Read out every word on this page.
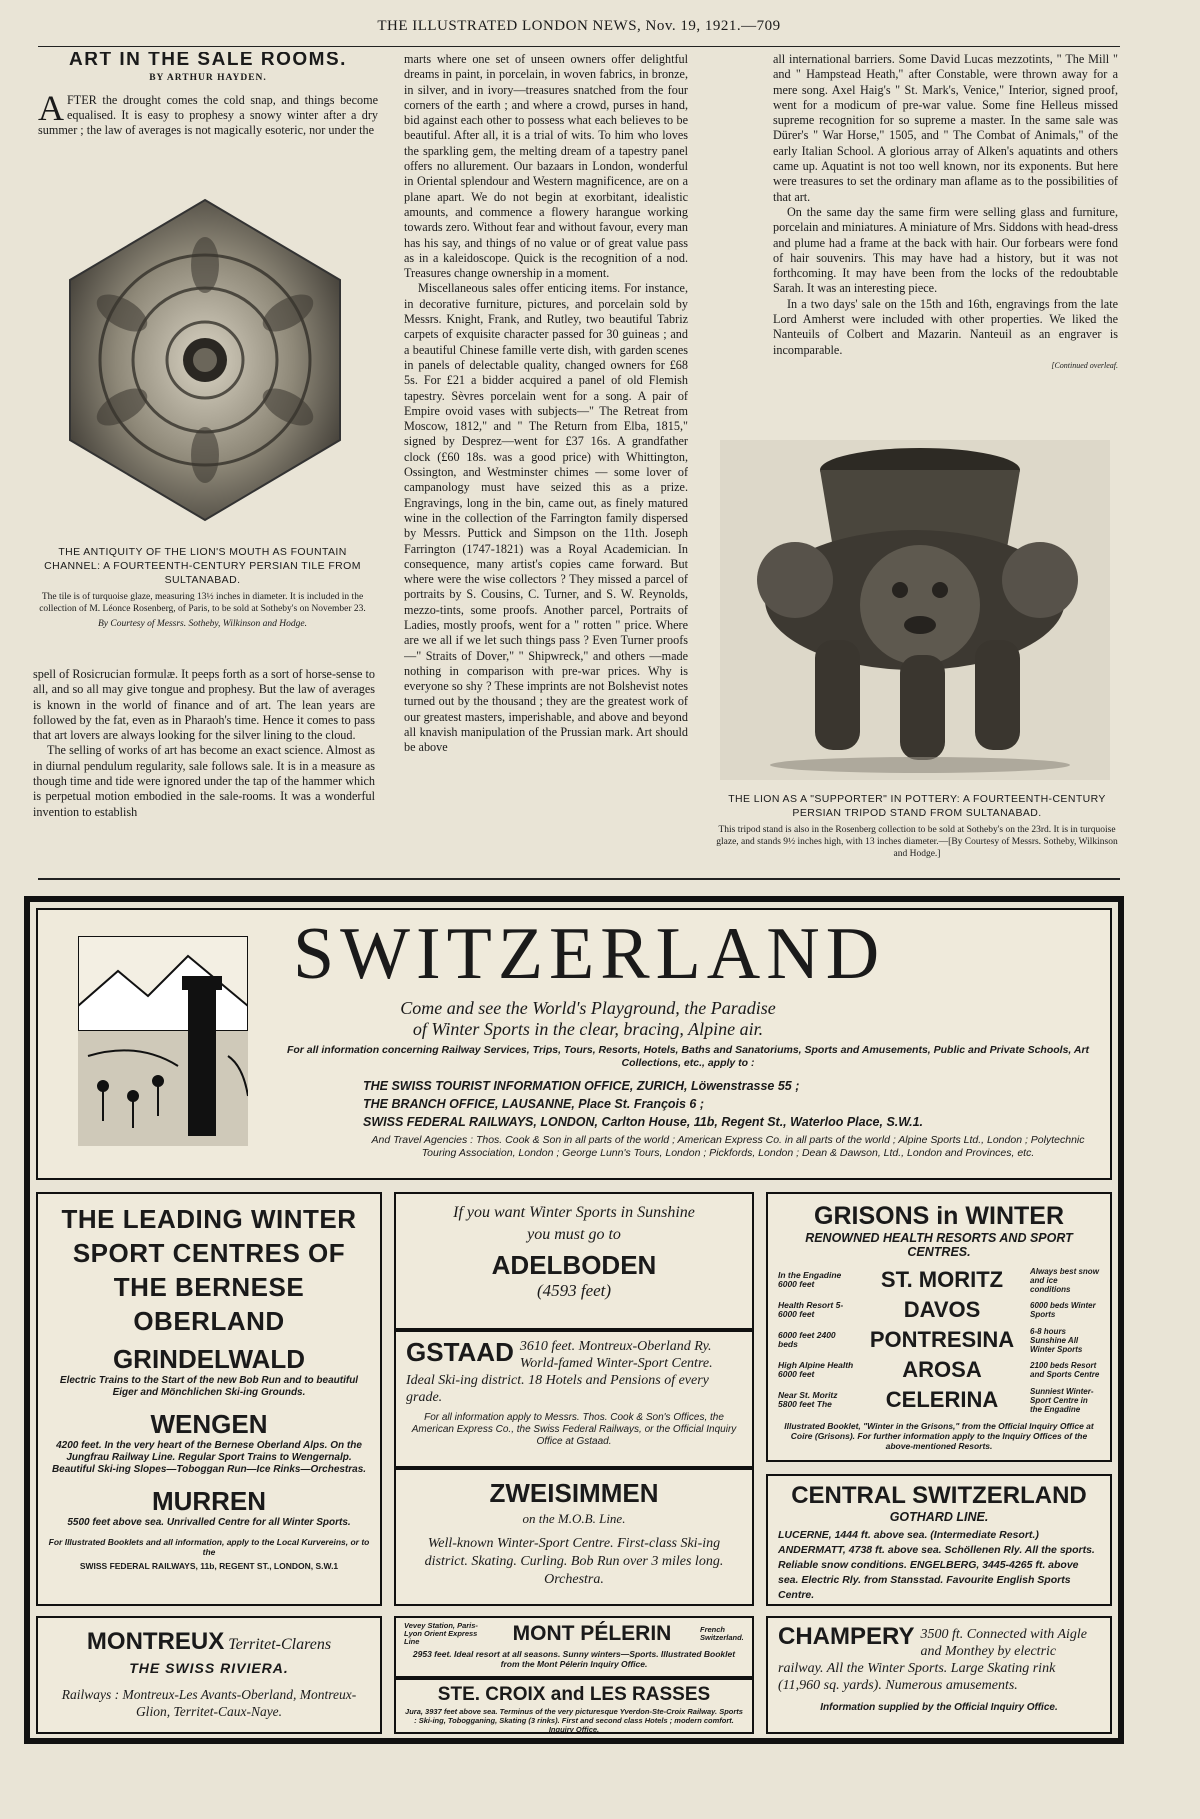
THE ILLUSTRATED LONDON NEWS, Nov. 19, 1921.—709
ART IN THE SALE ROOMS.
BY ARTHUR HAYDEN.

AFTER the drought comes the cold snap, and things become equalised. It is easy to prophesy a snowy winter after a dry summer ; the law of averages is not magically esoteric, nor under the

THE ANTIQUITY OF THE LION'S MOUTH AS FOUNTAIN CHANNEL: A FOURTEENTH-CENTURY PERSIAN TILE FROM SULTANABAD.
The tile is of turquoise glaze, measuring 13½ inches in diameter. It is included in the collection of M. Léonce Rosenberg, of Paris, to be sold at Sotheby's on November 23.
By Courtesy of Messrs. Sotheby, Wilkinson and Hodge.

spell of Rosicrucian formulæ. It peeps forth as a sort of horse-sense to all, and so all may give tongue and prophesy. But the law of averages is known in the world of finance and of art. The lean years are followed by the fat, even as in Pharaoh's time. Hence it comes to pass that art lovers are always looking for the silver lining to the cloud.

The selling of works of art has become an exact science. Almost as in diurnal pendulum regularity, sale follows sale. It is in a measure as though time and tide were ignored under the tap of the hammer which is perpetual motion embodied in the sale-rooms. It was a wonderful invention to establish

marts where one set of unseen owners offer delightful dreams in paint, in porcelain, in woven fabrics, in bronze, in silver, and in ivory—treasures snatched from the four corners of the earth ; and where a crowd, purses in hand, bid against each other to possess what each believes to be beautiful. After all, it is a trial of wits. To him who loves the sparkling gem, the melting dream of a tapestry panel offers no allurement. Our bazaars in London, wonderful in Oriental splendour and Western magnificence, are on a plane apart. We do not begin at exorbitant, idealistic amounts, and commence a flowery harangue working towards zero. Without fear and without favour, every man has his say, and things of no value or of great value pass as in a kaleidoscope. Quick is the recognition of a nod. Treasures change ownership in a moment.

Miscellaneous sales offer enticing items. For instance, in decorative furniture, pictures, and porcelain sold by Messrs. Knight, Frank, and Rutley, two beautiful Tabriz carpets of exquisite character passed for 30 guineas ; and a beautiful Chinese famille verte dish, with garden scenes in panels of delectable quality, changed owners for £68 5s. For £21 a bidder acquired a panel of old Flemish tapestry. Sèvres porcelain went for a song. A pair of Empire ovoid vases with subjects—" The Retreat from Moscow, 1812," and " The Return from Elba, 1815," signed by Desprez—went for £37 16s. A grandfather clock (£60 18s. was a good price) with Whittington, Ossington, and Westminster chimes — some lover of campanology must have seized this as a prize. Engravings, long in the bin, came out, as finely matured wine in the collection of the Farrington family dispersed by Messrs. Puttick and Simpson on the 11th. Joseph Farrington (1747-1821) was a Royal Academician. In consequence, many artist's copies came forward. But where were the wise collectors ? They missed a parcel of portraits by S. Cousins, C. Turner, and S. W. Reynolds, mezzo-tints, some proofs. Another parcel, Portraits of Ladies, mostly proofs, went for a " rotten " price. Where are we all if we let such things pass ? Even Turner proofs—" Straits of Dover," " Shipwreck," and others —made nothing in comparison with pre-war prices. Why is everyone so shy ? These imprints are not Bolshevist notes turned out by the thousand ; they are the greatest work of our greatest masters, imperishable, and above and beyond all knavish manipulation of the Prussian mark. Art should be above

all international barriers. Some David Lucas mezzotints, " The Mill " and " Hampstead Heath," after Constable, were thrown away for a mere song. Axel Haig's " St. Mark's, Venice," Interior, signed proof, went for a modicum of pre-war value. Some fine Helleus missed supreme recognition for so supreme a master. In the same sale was Dürer's " War Horse," 1505, and " The Combat of Animals," of the early Italian School. A glorious array of Alken's aquatints and others came up. Aquatint is not too well known, nor its exponents. But here were treasures to set the ordinary man aflame as to the possibilities of that art.

On the same day the same firm were selling glass and furniture, porcelain and miniatures. A miniature of Mrs. Siddons with head-dress and plume had a frame at the back with hair. Our forbears were fond of hair souvenirs. This may have had a history, but it was not forthcoming. It may have been from the locks of the redoubtable Sarah. It was an interesting piece.

In a two days' sale on the 15th and 16th, engravings from the late Lord Amherst were included with other properties. We liked the Nanteuils of Colbert and Mazarin. Nanteuil as an engraver is incomparable.

[Continued overleaf.
THE LION AS A "SUPPORTER" IN POTTERY: A FOURTEENTH-CENTURY PERSIAN TRIPOD STAND FROM SULTANABAD.
This tripod stand is also in the Rosenberg collection to be sold at Sotheby's on the 23rd. It is in turquoise glaze, and stands 9½ inches high, with 13 inches diameter.—[By Courtesy of Messrs. Sotheby, Wilkinson and Hodge.]
SWITZERLAND
Come and see the World's Playground, the Paradise
of Winter Sports in the clear, bracing, Alpine air.
For all information concerning Railway Services, Trips, Tours, Resorts, Hotels, Baths and Sanatoriums, Sports and Amusements, Public and Private Schools, Art Collections, etc., apply to :
THE SWISS TOURIST INFORMATION OFFICE, ZURICH, Löwenstrasse 55 ;
THE BRANCH OFFICE, LAUSANNE, Place St. François 6 ;
SWISS FEDERAL RAILWAYS, LONDON, Carlton House, 11b, Regent St., Waterloo Place, S.W.1.
And Travel Agencies : Thos. Cook & Son in all parts of the world ; American Express Co. in all parts of the world ; Alpine Sports Ltd., London ; Polytechnic Touring Association, London ; George Lunn's Tours, London ; Pickfords, London ; Dean & Dawson, Ltd., London and Provinces, etc.
THE LEADING WINTER SPORT CENTRES OF THE BERNESE OBERLAND
GRINDELWALD
Electric Trains to the Start of the new Bob Run and to beautiful Eiger and Mönchlichen Ski-ing Grounds.
WENGEN
4200 feet. In the very heart of the Bernese Oberland Alps. On the Jungfrau Railway Line. Regular Sport Trains to Wengernalp. Beautiful Ski-ing Slopes—Toboggan Run—Ice Rinks—Orchestras.
MURREN
5500 feet above sea. Unrivalled Centre for all Winter Sports.
For Illustrated Booklets and all information, apply to the Local Kurvereins, or to the
SWISS FEDERAL RAILWAYS, 11b, REGENT ST., LONDON, S.W.1
If you want Winter Sports in Sunshine
you must go to
ADELBODEN
(4593 feet)
GSTAAD 3610 feet. Montreux-Oberland Ry. World-famed Winter-Sport Centre. Ideal Ski-ing district. 18 Hotels and Pensions of every grade.
For all information apply to Messrs. Thos. Cook & Son's Offices, the American Express Co., the Swiss Federal Railways, or the Official Inquiry Office at Gstaad.
ZWEISIMMEN
on the M.O.B. Line.
Well-known Winter-Sport Centre. First-class Ski-ing district. Skating. Curling. Bob Run over 3 miles long. Orchestra.
GRISONS in WINTER
RENOWNED HEALTH RESORTS AND SPORT CENTRES.
In the Engadine 6000 feet	ST. MORITZ	Always best snow and ice conditions
Health Resort 5-6000 feet	DAVOS	6000 beds Winter Sports
6000 feet 2400 beds	PONTRESINA	6-8 hours Sunshine All Winter Sports
High Alpine Health 6000 feet	AROSA	2100 beds Resort and Sports Centre
Near St. Moritz 5800 feet The	CELERINA	Sunniest Winter-Sport Centre in the Engadine
Illustrated Booklet, "Winter in the Grisons," from the Official Inquiry Office at Coire (Grisons). For further information apply to the Inquiry Offices of the above-mentioned Resorts.
CENTRAL SWITZERLAND
GOTHARD LINE.
LUCERNE, 1444 ft. above sea. (Intermediate Resort.) ANDERMATT, 4738 ft. above sea. Schöllenen Rly. All the sports. Reliable snow conditions. ENGELBERG, 3445-4265 ft. above sea. Electric Rly. from Stansstad. Favourite English Sports Centre.
MONTREUX Territet-Clarens
THE SWISS RIVIERA.
Railways : Montreux-Les Avants-Oberland, Montreux-Glion, Territet-Caux-Naye.
Vevey Station, Paris-Lyon Orient Express Line	MONT PÉLERIN	French Switzerland.
2953 feet. Ideal resort at all seasons. Sunny winters—Sports. Illustrated Booklet from the Mont Pélerin Inquiry Office.
STE. CROIX and LES RASSES
Jura, 3937 feet above sea. Terminus of the very picturesque Yverdon-Ste-Croix Railway. Sports : Ski-ing, Tobogganing, Skating (3 rinks). First and second class Hotels ; modern comfort. Inquiry Office.
CHAMPERY 3500 ft. Connected with Aigle and Monthey by electric railway. All the Winter Sports. Large Skating rink (11,960 sq. yards). Numerous amusements.
Information supplied by the Official Inquiry Office.
